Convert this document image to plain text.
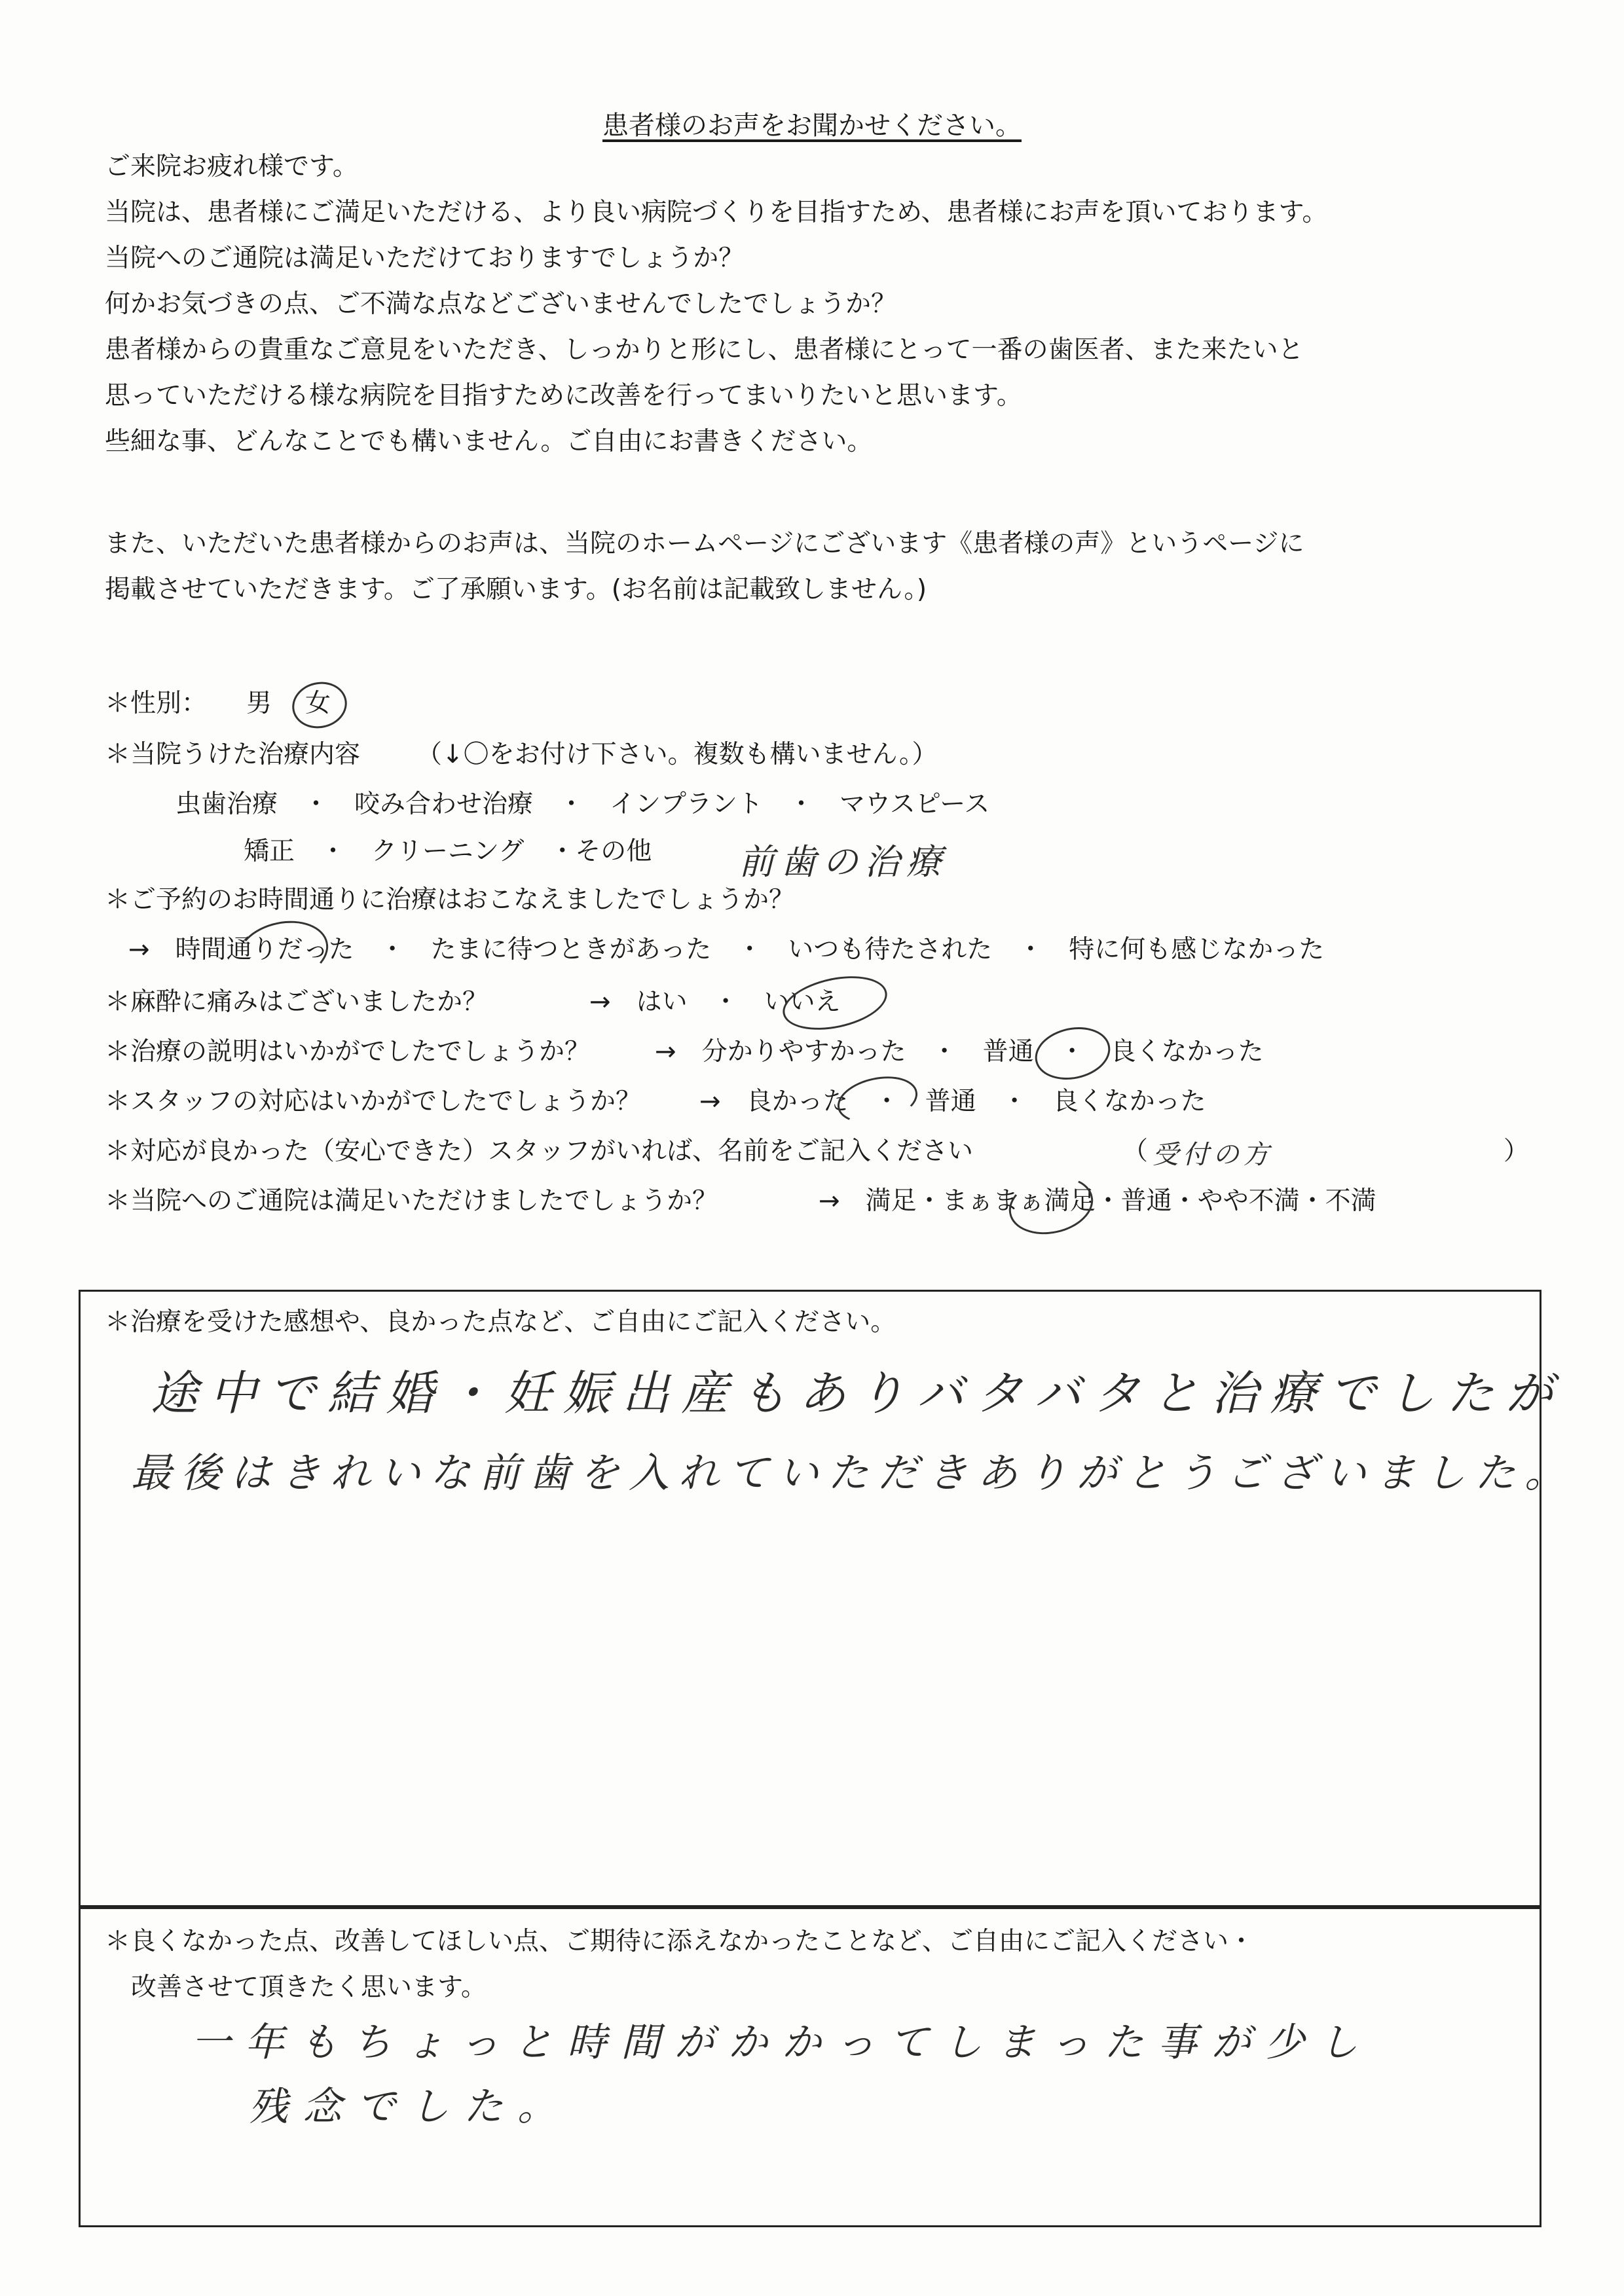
患者様のお声をお聞かせください。
ご来院お疲れ様です。
当院は、患者様にご満足いただける、より良い病院づくりを目指すため、患者様にお声を頂いております。
当院へのご通院は満足いただけておりますでしょうか？
何かお気づきの点、ご不満な点などございませんでしたでしょうか？
患者様からの貴重なご意見をいただき、しっかりと形にし、患者様にとって一番の歯医者、また来たいと
思っていただける様な病院を目指すために改善を行ってまいりたいと思います。
些細な事、どんなことでも構いません。ご自由にお書きください。
また、いただいた患者様からのお声は、当院のホームページにございます《患者様の声》というページに
掲載させていただきます。ご了承願います。(お名前は記載致しません。)
＊性別： 男 女
＊当院うけた治療内容 （↓〇をお付け下さい。複数も構いません。）
虫歯治療　・　咬み合わせ治療　・　インプラント　・　マウスピース
矯正　・　クリーニング　・その他 前歯の治療
＊ご予約のお時間通りに治療はおこなえましたでしょうか？
→　時間通りだった　・　たまに待つときがあった　・　いつも待たされた　・　特に何も感じなかった
＊麻酔に痛みはございましたか？	→　はい　・　いいえ
＊治療の説明はいかがでしたでしょうか？	→　分かりやすかった　・　普通　・　良くなかった
＊スタッフの対応はいかがでしたでしょうか？ →　良かった　・　普通　・　良くなかった
＊対応が良かった（安心できた）スタッフがいれば、名前をご記入ください	（ 受付の方	）
＊当院へのご通院は満足いただけましたでしょうか？	→　満足・まぁまぁ満足・普通・やや不満・不満
＊治療を受けた感想や、良かった点など、ご自由にご記入ください。
途中で結婚・妊娠出産もありバタバタと治療でしたが
最後はきれいな前歯を入れていただきありがとうございました。
＊良くなかった点、改善してほしい点、ご期待に添えなかったことなど、ご自由にご記入ください・
改善させて頂きたく思います。
一年もちょっと時間がかかってしまった事が少し
残念でした。
